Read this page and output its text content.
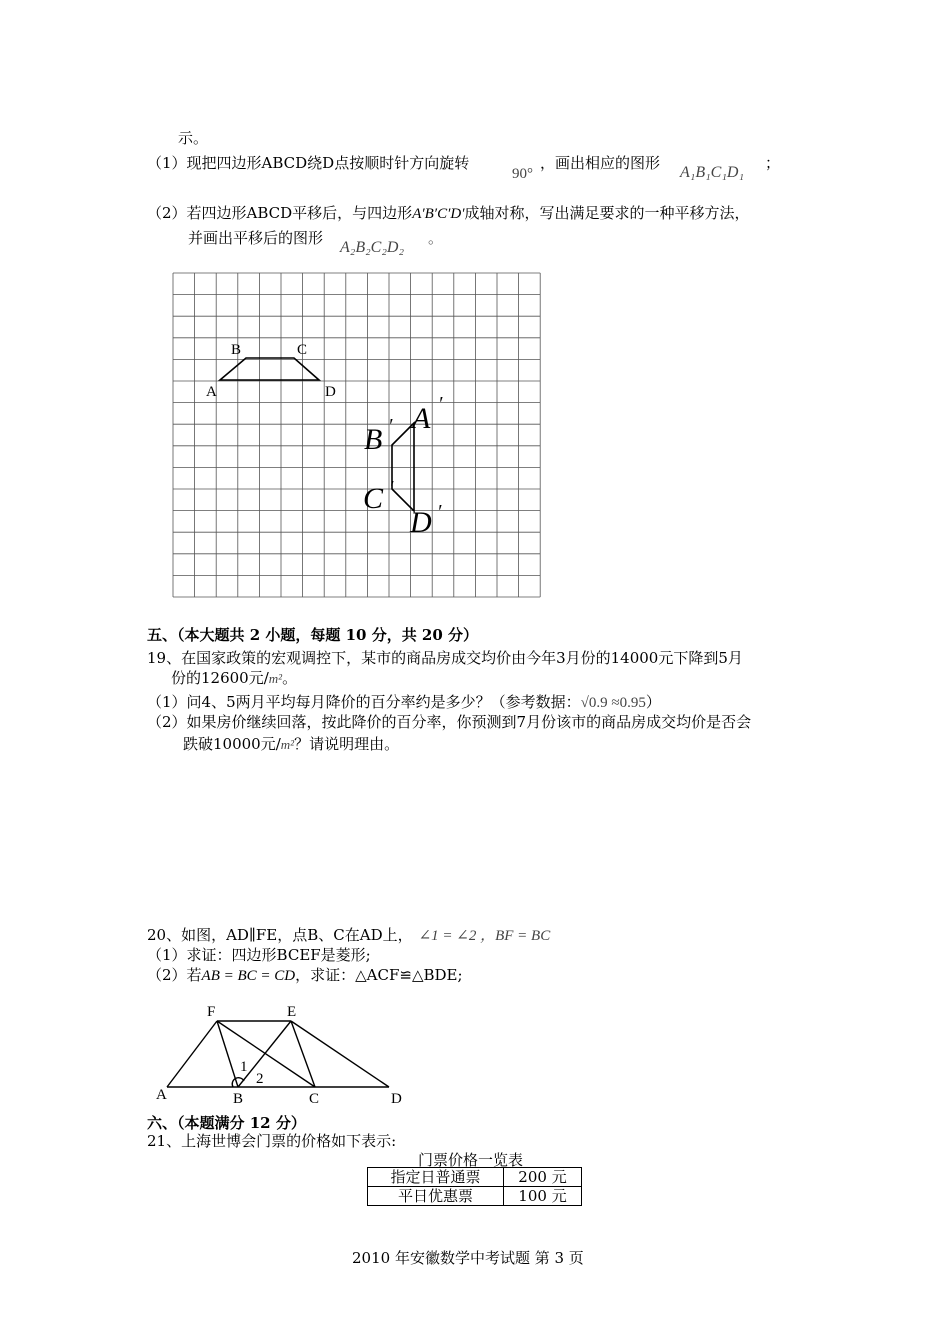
示。
（1）现把四边形ABCD绕D点按顺时针方向旋转
90°
，画出相应的图形
A₁B₁C₁D₁
；
（2）若四边形ABCD平移后，与四边形A′B′C′D′成轴对称，写出满足要求的一种平移方法，
并画出平移后的图形
A₂B₂C₂D₂
。
B	C
A	D
B ′ A ′
C ′
D ′
五、（本大题共 2 小题，每题 10 分，共 20 分）
19、在国家政策的宏观调控下，某市的商品房成交均价由今年3月份的14000元下降到5月
份的12600元/m²。
（1）问4、5两月平均每月降价的百分率约是多少？（参考数据：√0.9 ≈0.95）
（2）如果房价继续回落，按此降价的百分率，你预测到7月份该市的商品房成交均价是否会
跌破10000元/m²？请说明理由。
20、如图，AD∥FE，点B、C在AD上， ∠1 = ∠2 ，BF = BC
（1）求证：四边形BCEF是菱形;
（2）若AB = BC = CD，求证：△ACF≌△BDE;
F	E
A	B	C	D
1
2
六、（本题满分 12 分）
21、上海世博会门票的价格如下表示:
门票价格一览表
指定日普通票	200 元
平日优惠票	100 元
2010 年安徽数学中考试题 第 3 页
